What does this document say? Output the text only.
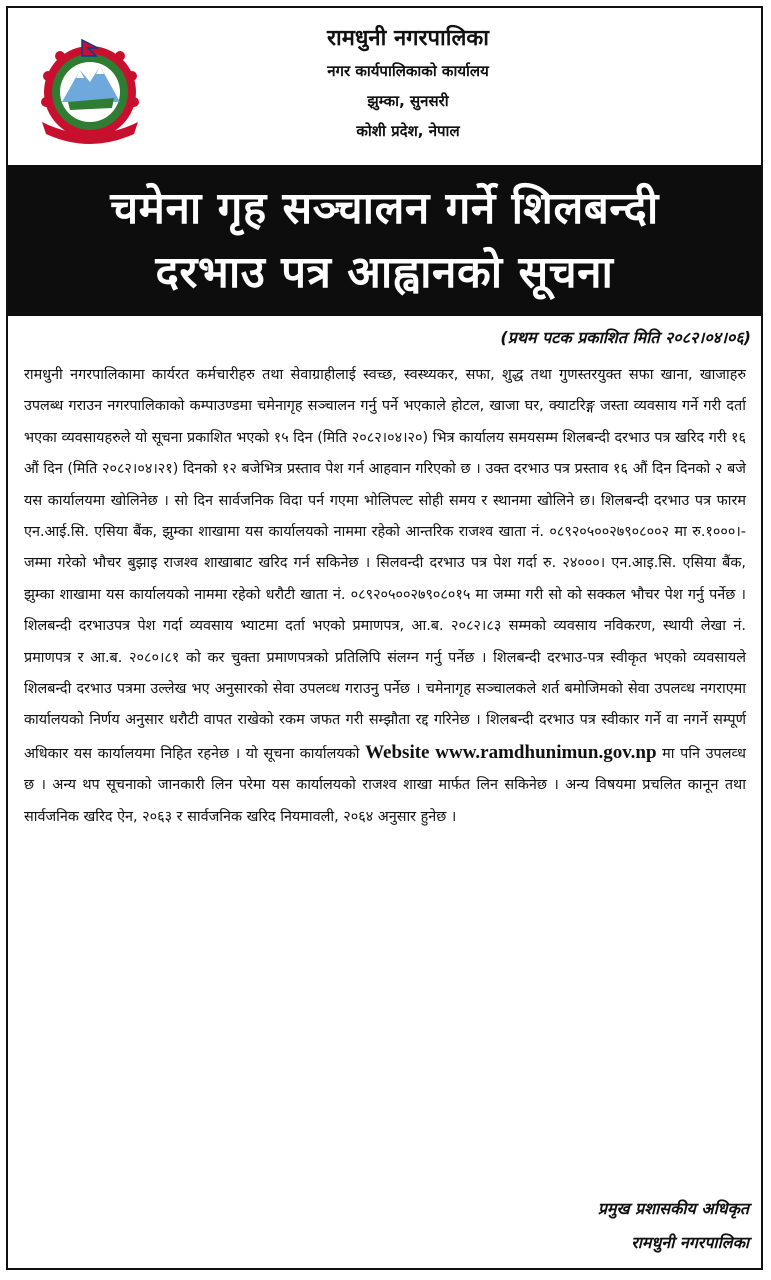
रामधुनी नगरपालिका
नगर कार्यपालिकाको कार्यालय
झुम्का, सुनसरी
कोशी प्रदेश, नेपाल
चमेना गृह सञ्चालन गर्ने शिलबन्दी
दरभाउ पत्र आह्वानको सूचना
(प्रथम पटक प्रकाशित मिति २०८२।०४।०६)

रामधुनी नगरपालिकामा कार्यरत कर्मचारीहरु तथा सेवाग्राहीलाई स्वच्छ, स्वस्थ्यकर, सफा, शुद्ध तथा गुणस्तरयुक्त सफा खाना, खाजाहरु उपलब्ध गराउन नगरपालिकाको कम्पाउण्डमा चमेनागृह सञ्चालन गर्नु पर्ने भएकाले होटल, खाजा घर, क्याटरिङ्ग जस्ता व्यवसाय गर्ने गरी दर्ता भएका व्यवसायहरुले यो सूचना प्रकाशित भएको १५ दिन (मिति २०८२।०४।२०) भित्र कार्यालय समयसम्म शिलबन्दी दरभाउ पत्र खरिद गरी १६ औं दिन (मिति २०८२।०४।२१) दिनको १२ बजेभित्र प्रस्ताव पेश गर्न आहवान गरिएको छ । उक्त दरभाउ पत्र प्रस्ताव १६ औं दिन दिनको २ बजे यस कार्यालयमा खोलिनेछ । सो दिन सार्वजनिक विदा पर्न गएमा भोलिपल्ट सोही समय र स्थानमा खोलिने छ। शिलबन्दी दरभाउ पत्र फारम एन.आई.सि. एसिया बैंक, झुम्का शाखामा यस कार्यालयको नाममा रहेको आन्तरिक राजश्व खाता नं. ०८९२०५००२७९०८००२ मा रु.१०००।- जम्मा गरेको भौचर बुझाइ राजश्व शाखाबाट खरिद गर्न सकिनेछ । सिलवन्दी दरभाउ पत्र पेश गर्दा रु. २४०००। एन.आइ.सि. एसिया बैंक, झुम्का शाखामा यस कार्यालयको नाममा रहेको धरौटी खाता नं. ०८९२०५००२७९०८०१५ मा जम्मा गरी सो को सक्कल भौचर पेश गर्नु पर्नेछ । शिलबन्दी दरभाउपत्र पेश गर्दा व्यवसाय भ्याटमा दर्ता भएको प्रमाणपत्र, आ.ब. २०८२।८३ सम्मको व्यवसाय नविकरण, स्थायी लेखा नं. प्रमाणपत्र र आ.ब. २०८०।८१ को कर चुक्ता प्रमाणपत्रको प्रतिलिपि संलग्न गर्नु पर्नेछ । शिलबन्दी दरभाउ-पत्र स्वीकृत भएको व्यवसायले शिलबन्दी दरभाउ पत्रमा उल्लेख भए अनुसारको सेवा उपलव्ध गराउनु पर्नेछ । चमेनागृह सञ्चालकले शर्त बमोजिमको सेवा उपलव्ध नगराएमा कार्यालयको निर्णय अनुसार धरौटी वापत राखेको रकम जफत गरी सम्झौता रद्द गरिनेछ । शिलबन्दी दरभाउ पत्र स्वीकार गर्ने वा नगर्ने सम्पूर्ण अधिकार यस कार्यालयमा निहित रहनेछ । यो सूचना कार्यालयको Website www.ramdhunimun.gov.np मा पनि उपलव्ध छ । अन्य थप सूचनाको जानकारी लिन परेमा यस कार्यालयको राजश्व शाखा मार्फत लिन सकिनेछ । अन्य विषयमा प्रचलित कानून तथा सार्वजनिक खरिद ऐन, २०६३ र सार्वजनिक खरिद नियमावली, २०६४ अनुसार हुनेछ ।

प्रमुख प्रशासकीय अधिकृत
रामधुनी नगरपालिका
